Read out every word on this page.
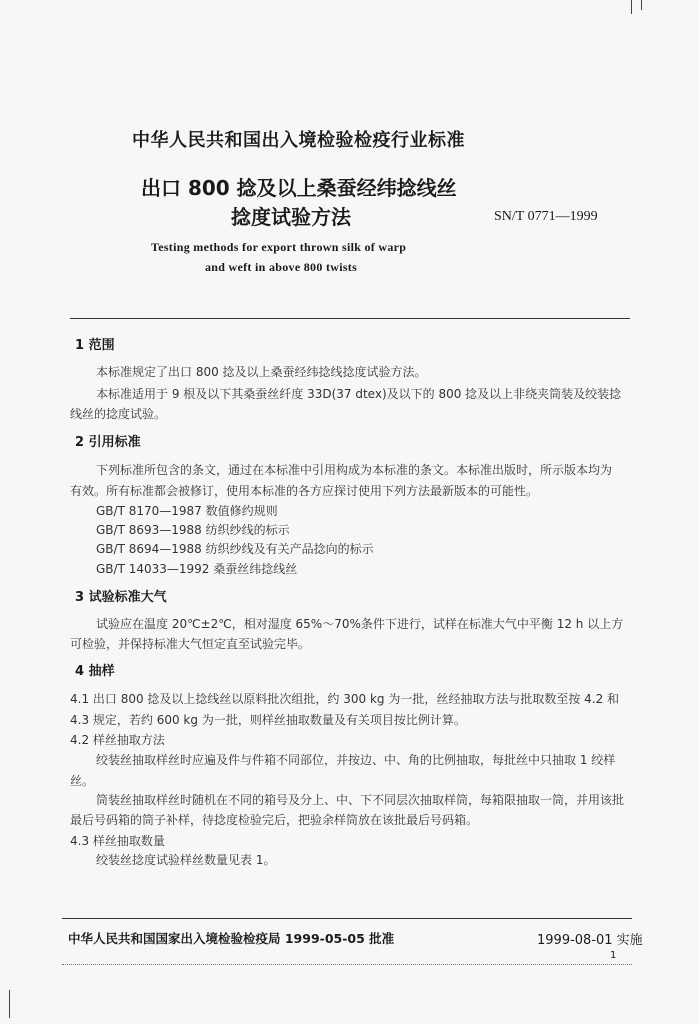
中华人民共和国出入境检验检疫行业标准
出口 800 捻及以上桑蚕经纬捻线丝
捻度试验方法	SN/T 0771—1999
Testing methods for export thrown silk of warp
and weft in above 800 twists
1 范围
本标准规定了出口 800 捻及以上桑蚕经纬捻线捻度试验方法。
本标准适用于 9 根及以下其桑蚕丝纤度 33D(37 dtex)及以下的 800 捻及以上非绕夹筒装及绞装捻
线丝的捻度试验。
2 引用标准
下列标准所包含的条文，通过在本标准中引用构成为本标准的条文。本标准出版时，所示版本均为
有效。所有标准都会被修订，使用本标准的各方应探讨使用下列方法最新版本的可能性。
GB/T 8170—1987 数值修约规则
GB/T 8693—1988 纺织纱线的标示
GB/T 8694—1988 纺织纱线及有关产品捻向的标示
GB/T 14033—1992 桑蚕丝纬捻线丝
3 试验标准大气
试验应在温度 20℃±2℃，相对湿度 65%～70%条件下进行，试样在标准大气中平衡 12 h 以上方
可检验，并保持标准大气恒定直至试验完毕。
4 抽样
4.1 出口 800 捻及以上捻线丝以原料批次组批，约 300 kg 为一批，丝经抽取方法与批取数至按 4.2 和
4.3 规定，若约 600 kg 为一批，则样丝抽取数量及有关项目按比例计算。
4.2 样丝抽取方法
绞装丝抽取样丝时应遍及件与件箱不同部位，并按边、中、角的比例抽取，每批丝中只抽取 1 绞样
丝。
筒装丝抽取样丝时随机在不同的箱号及分上、中、下不同层次抽取样筒，每箱限抽取一筒，并用该批
最后号码箱的筒子补样，待捻度检验完后，把验余样筒放在该批最后号码箱。
4.3 样丝抽取数量
绞装丝捻度试验样丝数量见表 1。
中华人民共和国国家出入境检验检疫局 1999-05-05 批准	1999-08-01 实施
1
